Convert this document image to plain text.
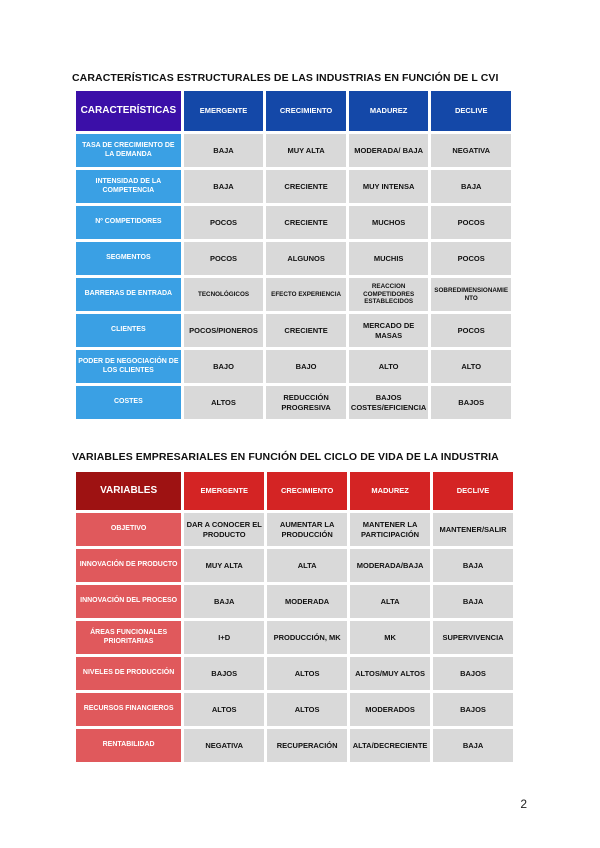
CARACTERÍSTICAS ESTRUCTURALES DE LAS INDUSTRIAS EN FUNCIÓN DE L CVI
CARACTERÍSTICAS	EMERGENTE	CRECIMIENTO	MADUREZ	DECLIVE
TASA DE CRECIMIENTO DE LA DEMANDA	BAJA	MUY ALTA	MODERADA/ BAJA	NEGATIVA
INTENSIDAD DE LA COMPETENCIA	BAJA	CRECIENTE	MUY INTENSA	BAJA
Nº COMPETIDORES	POCOS	CRECIENTE	MUCHOS	POCOS
SEGMENTOS	POCOS	ALGUNOS	MUCHIS	POCOS
BARRERAS DE ENTRADA	TECNOLÓGICOS	EFECTO EXPERIENCIA	REACCION COMPETIDORES ESTABLECIDOS	SOBREDIMENSIONAMIENTO
CLIENTES	POCOS/PIONEROS	CRECIENTE	MERCADO DE MASAS	POCOS
PODER DE NEGOCIACIÓN DE LOS CLIENTES	BAJO	BAJO	ALTO	ALTO
COSTES	ALTOS	REDUCCIÓN PROGRESIVA	BAJOS COSTES/EFICIENCIA	BAJOS
VARIABLES EMPRESARIALES EN FUNCIÓN DEL CICLO DE VIDA DE LA INDUSTRIA
VARIABLES	EMERGENTE	CRECIMIENTO	MADUREZ	DECLIVE
OBJETIVO	DAR A CONOCER EL PRODUCTO	AUMENTAR LA PRODUCCIÓN	MANTENER LA PARTICIPACIÓN	MANTENER/SALIR
INNOVACIÓN DE PRODUCTO	MUY ALTA	ALTA	MODERADA/BAJA	BAJA
INNOVACIÓN DEL PROCESO	BAJA	MODERADA	ALTA	BAJA
ÁREAS FUNCIONALES PRIORITARIAS	I+D	PRODUCCIÓN, MK	MK	SUPERVIVENCIA
NIVELES DE PRODUCCIÓN	BAJOS	ALTOS	ALTOS/MUY ALTOS	BAJOS
RECURSOS FINANCIEROS	ALTOS	ALTOS	MODERADOS	BAJOS
RENTABILIDAD	NEGATIVA	RECUPERACIÓN	ALTA/DECRECIENTE	BAJA
2
